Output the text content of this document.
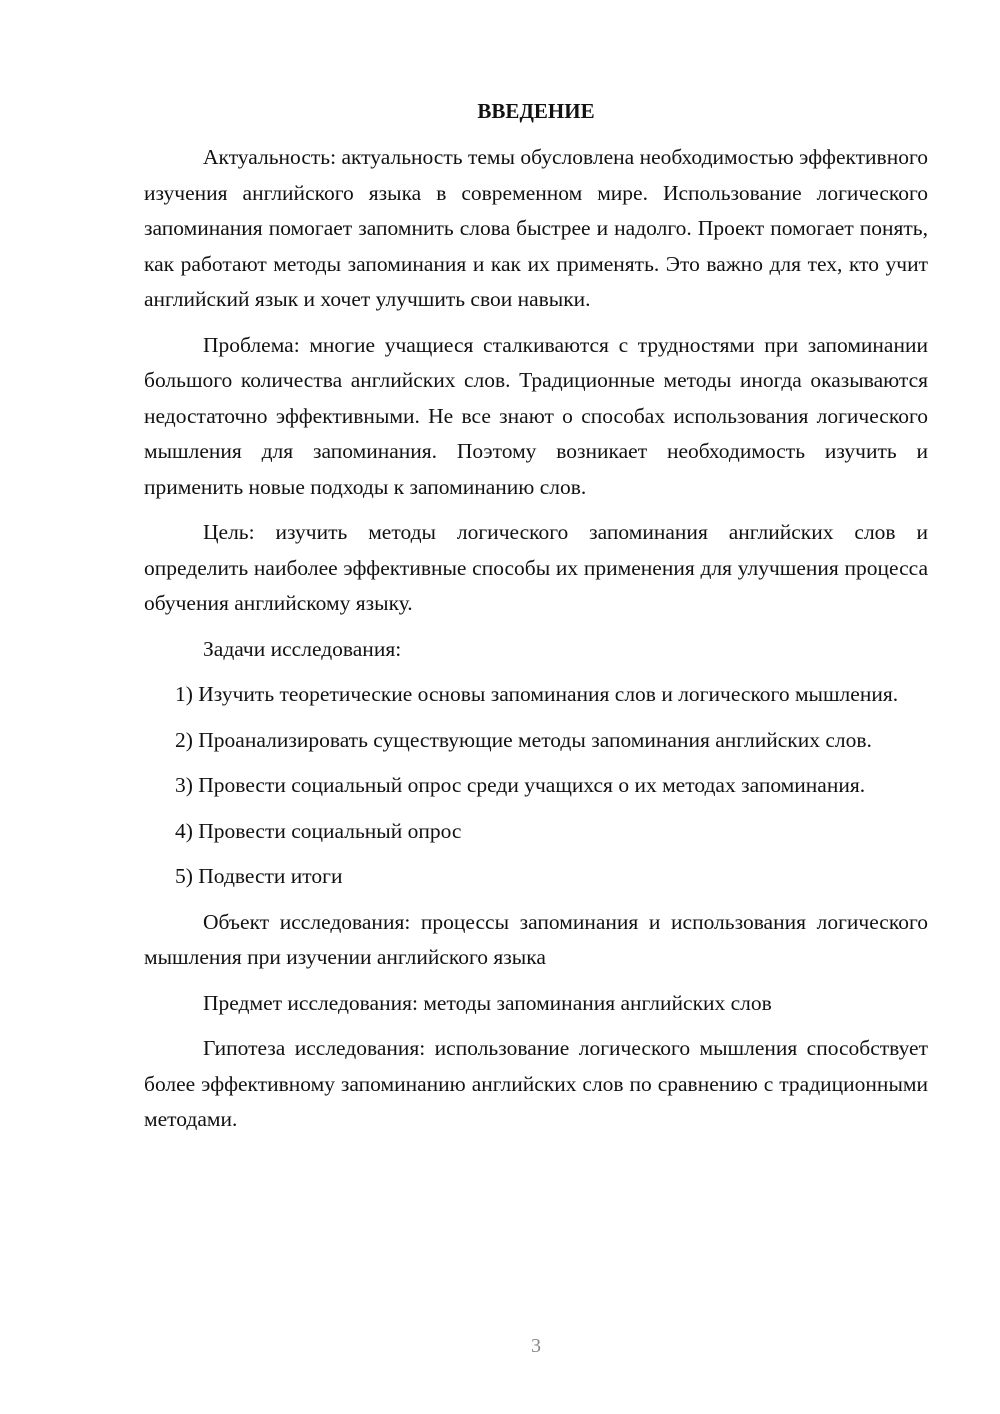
ВВЕДЕНИЕ

Актуальность: актуальность темы обусловлена необходимостью эффективного изучения английского языка в современном мире. Использование логического запоминания помогает запомнить слова быстрее и надолго. Проект помогает понять, как работают методы запоминания и как их применять. Это важно для тех, кто учит английский язык и хочет улучшить свои навыки.

Проблема: многие учащиеся сталкиваются с трудностями при запоминании большого количества английских слов. Традиционные методы иногда оказываются недостаточно эффективными. Не все знают о способах использования логического мышления для запоминания. Поэтому возникает необходимость изучить и применить новые подходы к запоминанию слов.

Цель: изучить методы логического запоминания английских слов и определить наиболее эффективные способы их применения для улучшения процесса обучения английскому языку.

Задачи исследования:

1) Изучить теоретические основы запоминания слов и логического мышления.

2) Проанализировать существующие методы запоминания английских слов.

3) Провести социальный опрос среди учащихся о их методах запоминания.

4) Провести социальный опрос

5) Подвести итоги

Объект исследования: процессы запоминания и использования логического мышления при изучении английского языка

Предмет исследования: методы запоминания английских слов

Гипотеза исследования: использование логического мышления способствует более эффективному запоминанию английских слов по сравнению с традиционными методами.

3
